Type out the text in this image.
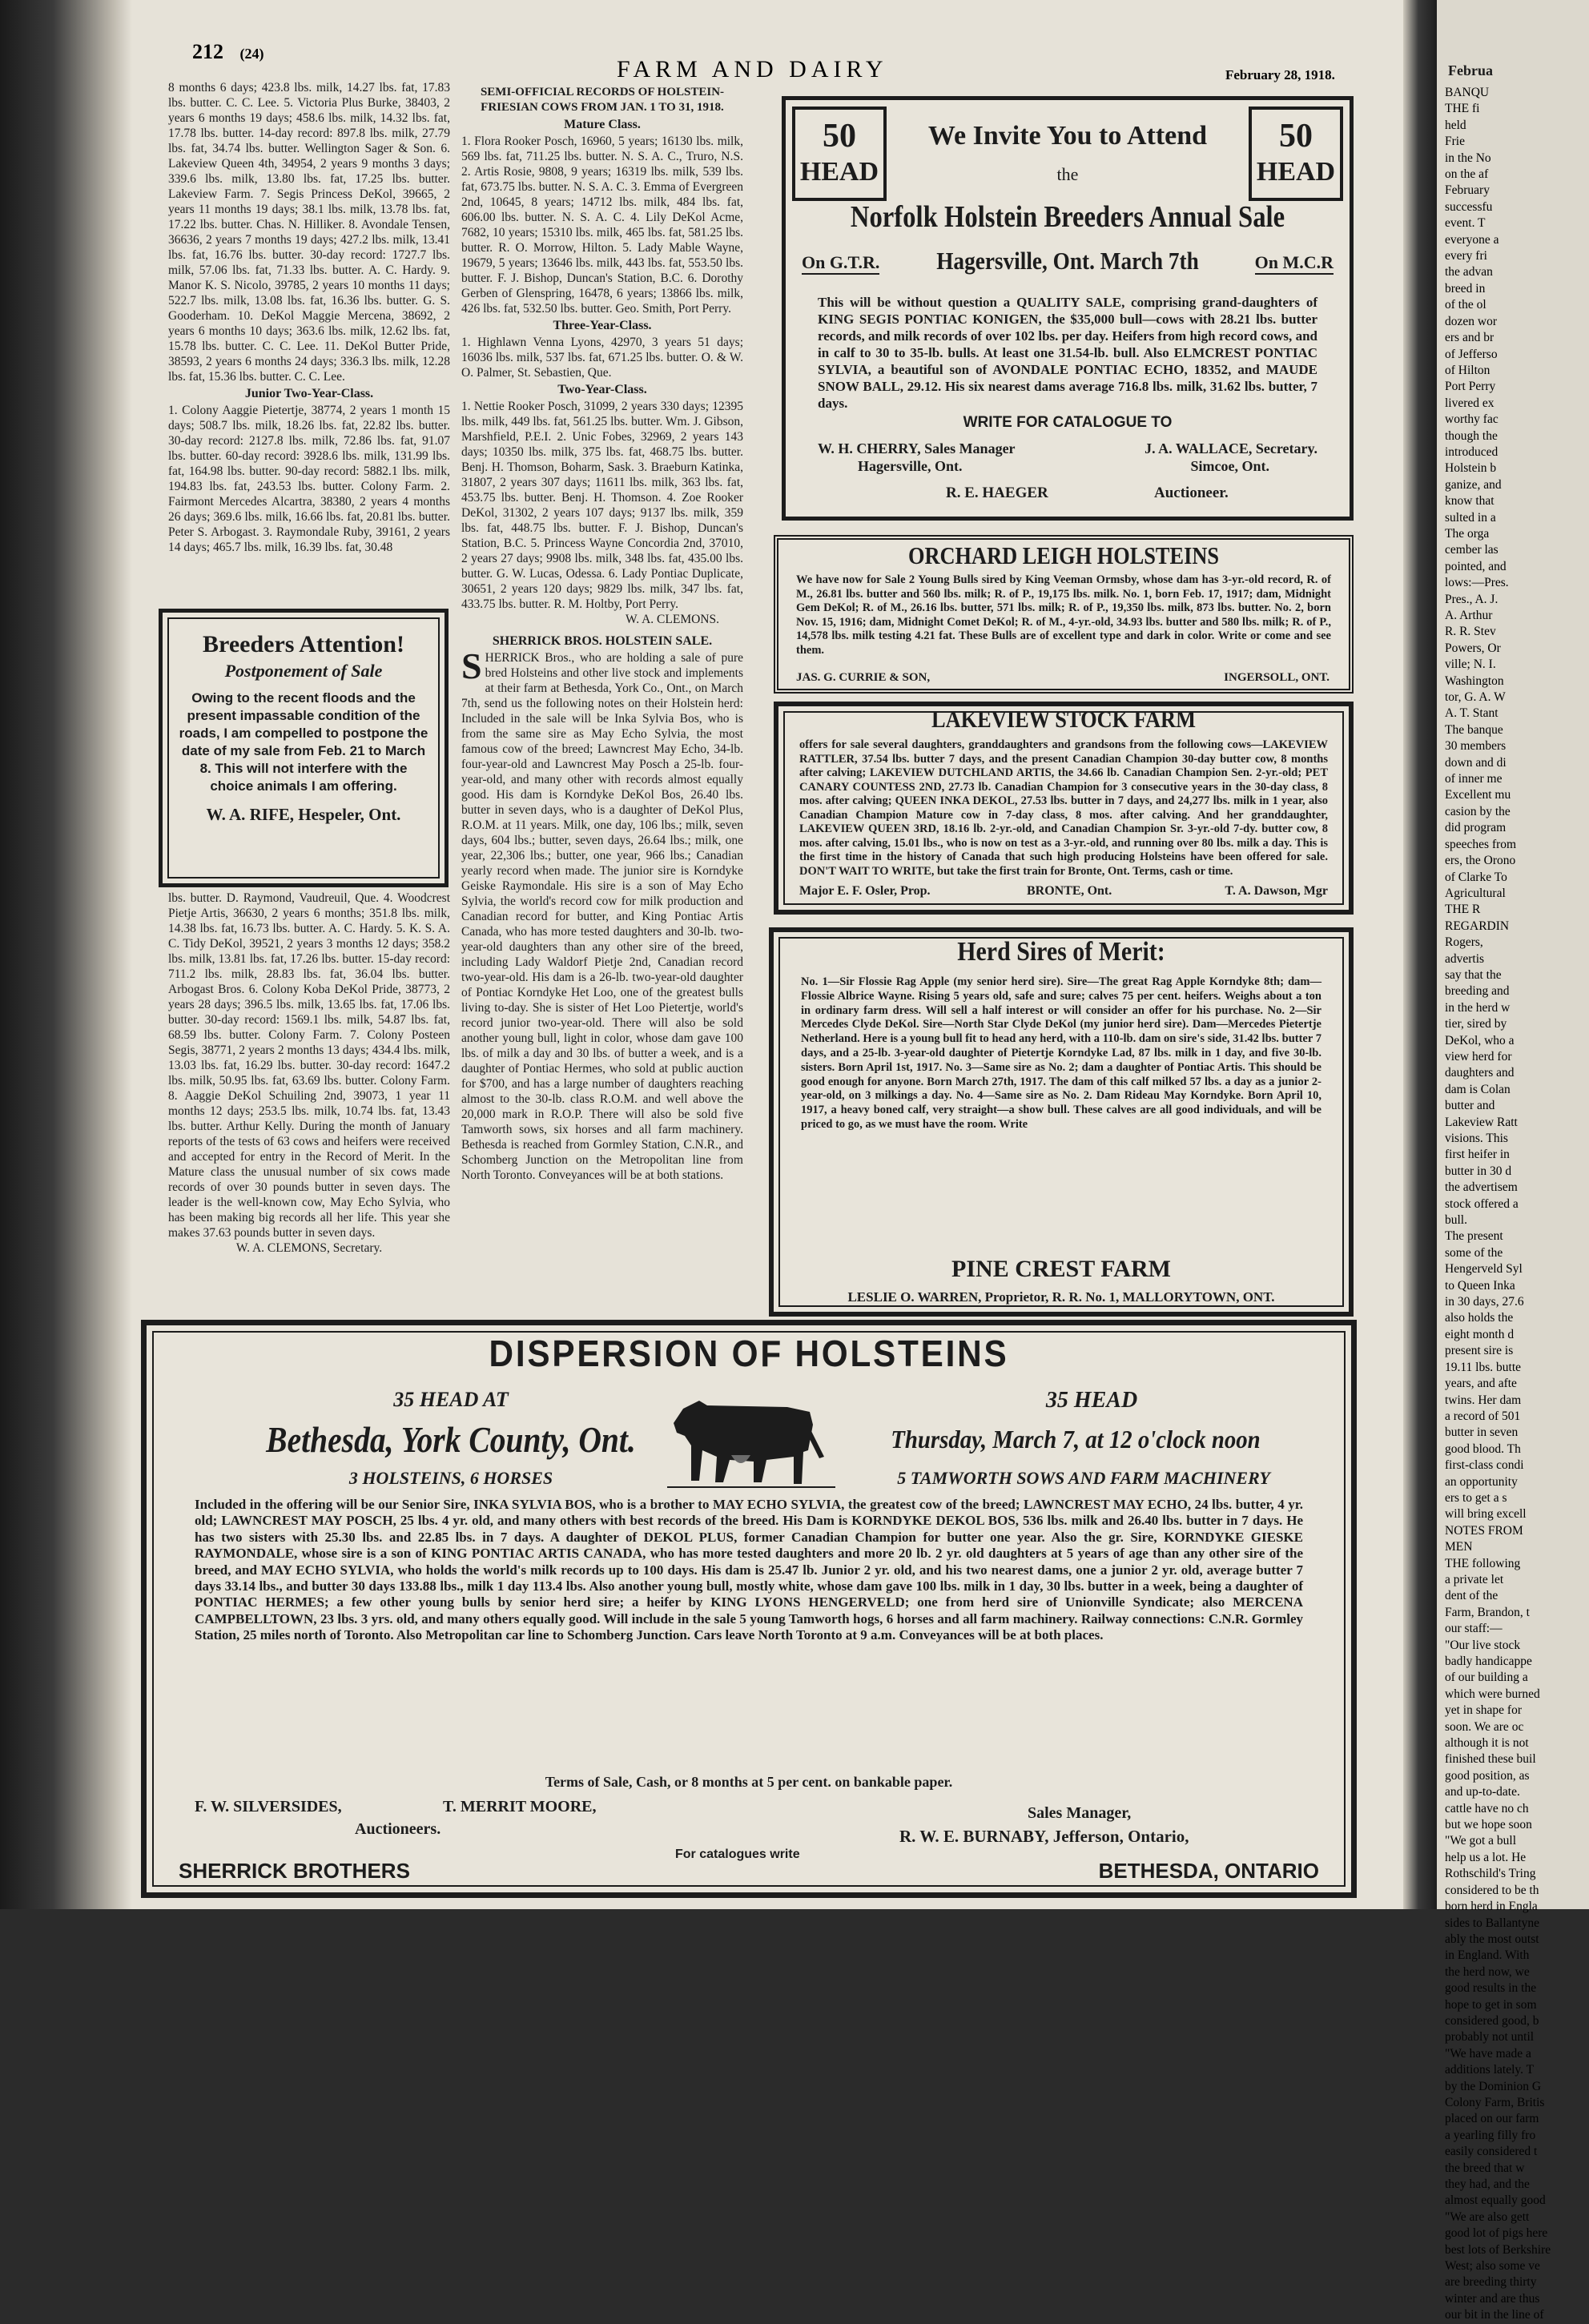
212 (24)
FARM AND DAIRY	February 28, 1918.

8 months 6 days; 423.8 lbs. milk, 14.27 lbs. fat, 17.83 lbs. butter. C. C. Lee. 5. Victoria Plus Burke, 38403, 2 years 6 months 19 days; 458.6 lbs. milk, 14.32 lbs. fat, 17.78 lbs. butter. 14-day record: 897.8 lbs. milk, 27.79 lbs. fat, 34.74 lbs. butter. Wellington Sager & Son. 6. Lakeview Queen 4th, 34954, 2 years 9 months 3 days; 339.6 lbs. milk, 13.80 lbs. fat, 17.25 lbs. butter. Lakeview Farm. 7. Segis Princess DeKol, 39665, 2 years 11 months 19 days; 38.1 lbs. milk, 13.78 lbs. fat, 17.22 lbs. butter. Chas. N. Hilliker. 8. Avondale Tensen, 36636, 2 years 7 months 19 days; 427.2 lbs. milk, 13.41 lbs. fat, 16.76 lbs. butter. 30-day record: 1727.7 lbs. milk, 57.06 lbs. fat, 71.33 lbs. butter. A. C. Hardy. 9. Manor K. S. Nicolo, 39785, 2 years 10 months 11 days; 522.7 lbs. milk, 13.08 lbs. fat, 16.36 lbs. butter. G. S. Gooderham. 10. DeKol Maggie Mercena, 38692, 2 years 6 months 10 days; 363.6 lbs. milk, 12.62 lbs. fat, 15.78 lbs. butter. C. C. Lee. 11. DeKol Butter Pride, 38593, 2 years 6 months 24 days; 336.3 lbs. milk, 12.28 lbs. fat, 15.36 lbs. butter. C. C. Lee.

Junior Two-Year-Class.

1. Colony Aaggie Pietertje, 38774, 2 years 1 month 15 days; 508.7 lbs. milk, 18.26 lbs. fat, 22.82 lbs. butter. 30-day record: 2127.8 lbs. milk, 72.86 lbs. fat, 91.07 lbs. butter. 60-day record: 3928.6 lbs. milk, 131.99 lbs. fat, 164.98 lbs. butter. 90-day record: 5882.1 lbs. milk, 194.83 lbs. fat, 243.53 lbs. butter. Colony Farm. 2. Fairmont Mercedes Alcartra, 38380, 2 years 4 months 26 days; 369.6 lbs. milk, 16.66 lbs. fat, 20.81 lbs. butter. Peter S. Arbogast. 3. Raymondale Ruby, 39161, 2 years 14 days; 465.7 lbs. milk, 16.39 lbs. fat, 30.48

Breeders Attention!
Postponement of Sale
Owing to the recent floods and the present impassable condition of the roads, I am compelled to postpone the date of my sale from Feb. 21 to March 8. This will not interfere with the choice animals I am offering.
W. A. RIFE, Hespeler, Ont.

lbs. butter. D. Raymond, Vaudreuil, Que. 4. Woodcrest Pietje Artis, 36630, 2 years 6 months; 351.8 lbs. milk, 14.38 lbs. fat, 16.73 lbs. butter. A. C. Hardy. 5. K. S. A. C. Tidy DeKol, 39521, 2 years 3 months 12 days; 358.2 lbs. milk, 13.81 lbs. fat, 17.26 lbs. butter. 15-day record: 711.2 lbs. milk, 28.83 lbs. fat, 36.04 lbs. butter. Arbogast Bros. 6. Colony Koba DeKol Pride, 38773, 2 years 28 days; 396.5 lbs. milk, 13.65 lbs. fat, 17.06 lbs. butter. 30-day record: 1569.1 lbs. milk, 54.87 lbs. fat, 68.59 lbs. butter. Colony Farm. 7. Colony Posteen Segis, 38771, 2 years 2 months 13 days; 434.4 lbs. milk, 13.03 lbs. fat, 16.29 lbs. butter. 30-day record: 1647.2 lbs. milk, 50.95 lbs. fat, 63.69 lbs. butter. Colony Farm. 8. Aaggie DeKol Schuiling 2nd, 39073, 1 year 11 months 12 days; 253.5 lbs. milk, 10.74 lbs. fat, 13.43 lbs. butter. Arthur Kelly. During the month of January reports of the tests of 63 cows and heifers were received and accepted for entry in the Record of Merit. In the Mature class the unusual number of six cows made records of over 30 pounds butter in seven days. The leader is the well-known cow, May Echo Sylvia, who has been making big records all her life. This year she makes 37.63 pounds butter in seven days.

W. A. CLEMONS, Secretary.

SEMI-OFFICIAL RECORDS OF HOLSTEIN-FRIESIAN COWS FROM JAN. 1 TO 31, 1918.

Mature Class.

1. Flora Rooker Posch, 16960, 5 years; 16130 lbs. milk, 569 lbs. fat, 711.25 lbs. butter. N. S. A. C., Truro, N.S. 2. Artis Rosie, 9808, 9 years; 16319 lbs. milk, 539 lbs. fat, 673.75 lbs. butter. N. S. A. C. 3. Emma of Evergreen 2nd, 10645, 8 years; 14712 lbs. milk, 484 lbs. fat, 606.00 lbs. butter. N. S. A. C. 4. Lily DeKol Acme, 7682, 10 years; 15310 lbs. milk, 465 lbs. fat, 581.25 lbs. butter. R. O. Morrow, Hilton. 5. Lady Mable Wayne, 19679, 5 years; 13646 lbs. milk, 443 lbs. fat, 553.50 lbs. butter. F. J. Bishop, Duncan's Station, B.C. 6. Dorothy Gerben of Glenspring, 16478, 6 years; 13866 lbs. milk, 426 lbs. fat, 532.50 lbs. butter. Geo. Smith, Port Perry.

Three-Year-Class.

1. Highlawn Venna Lyons, 42970, 3 years 51 days; 16036 lbs. milk, 537 lbs. fat, 671.25 lbs. butter. O. & W. O. Palmer, St. Sebastien, Que.

Two-Year-Class.

1. Nettie Rooker Posch, 31099, 2 years 330 days; 12395 lbs. milk, 449 lbs. fat, 561.25 lbs. butter. Wm. J. Gibson, Marshfield, P.E.I. 2. Unic Fobes, 32969, 2 years 143 days; 10350 lbs. milk, 375 lbs. fat, 468.75 lbs. butter. Benj. H. Thomson, Boharm, Sask. 3. Braeburn Katinka, 31807, 2 years 307 days; 11611 lbs. milk, 363 lbs. fat, 453.75 lbs. butter. Benj. H. Thomson. 4. Zoe Rooker DeKol, 31302, 2 years 107 days; 9137 lbs. milk, 359 lbs. fat, 448.75 lbs. butter. F. J. Bishop, Duncan's Station, B.C. 5. Princess Wayne Concordia 2nd, 37010, 2 years 27 days; 9908 lbs. milk, 348 lbs. fat, 435.00 lbs. butter. G. W. Lucas, Odessa. 6. Lady Pontiac Duplicate, 30651, 2 years 120 days; 9829 lbs. milk, 347 lbs. fat, 433.75 lbs. butter. R. M. Holtby, Port Perry.

W. A. CLEMONS.

SHERRICK BROS. HOLSTEIN SALE.

SHERRICK Bros., who are holding a sale of pure bred Holsteins and other live stock and implements at their farm at Bethesda, York Co., Ont., on March 7th, send us the following notes on their Holstein herd: Included in the sale will be Inka Sylvia Bos, who is from the same sire as May Echo Sylvia, the most famous cow of the breed; Lawncrest May Echo, 34-lb. four-year-old and Lawncrest May Posch a 25-lb. four-year-old, and many other with records almost equally good. His dam is Korndyke DeKol Bos, 26.40 lbs. butter in seven days, who is a daughter of DeKol Plus, R.O.M. at 11 years. Milk, one day, 106 lbs.; milk, seven days, 604 lbs.; butter, seven days, 26.64 lbs.; milk, one year, 22,306 lbs.; butter, one year, 966 lbs.; Canadian yearly record when made. The junior sire is Korndyke Geiske Raymondale. His sire is a son of May Echo Sylvia, the world's record cow for milk production and Canadian record for butter, and King Pontiac Artis Canada, who has more tested daughters and 30-lb. two-year-old daughters than any other sire of the breed, including Lady Waldorf Pietje 2nd, Canadian record two-year-old. His dam is a 26-lb. two-year-old daughter of Pontiac Korndyke Het Loo, one of the greatest bulls living to-day. She is sister of Het Loo Pietertje, world's record junior two-year-old. There will also be sold another young bull, light in color, whose dam gave 100 lbs. of milk a day and 30 lbs. of butter a week, and is a daughter of Pontiac Hermes, who sold at public auction for $700, and has a large number of daughters reaching almost to the 30-lb. class R.O.M. and well above the 20,000 mark in R.O.P. There will also be sold five Tamworth sows, six horses and all farm machinery. Bethesda is reached from Gormley Station, C.N.R., and Schomberg Junction on the Metropolitan line from North Toronto. Conveyances will be at both stations.

50
HEAD
50
HEAD
We Invite You to Attend
the
Norfolk Holstein Breeders Annual Sale
On G.T.R.	Hagersville, Ont. March 7th	On M.C.R
This will be without question a QUALITY SALE, comprising grand-daughters of KING SEGIS PONTIAC KONIGEN, the $35,000 bull—cows with 28.21 lbs. butter records, and milk records of over 102 lbs. per day. Heifers from high record cows, and in calf to 30 to 35-lb. bulls. At least one 31.54-lb. bull. Also ELMCREST PONTIAC SYLVIA, a beautiful son of AVONDALE PONTIAC ECHO, 18352, and MAUDE SNOW BALL, 29.12. His six nearest dams average 716.8 lbs. milk, 31.62 lbs. butter, 7 days.
WRITE FOR CATALOGUE TO
W. H. CHERRY, Sales Manager
Hagersville, Ont.
J. A. WALLACE, Secretary.
Simcoe, Ont.
R. E. HAEGER	Auctioneer.
ORCHARD LEIGH HOLSTEINS
We have now for Sale 2 Young Bulls sired by King Veeman Ormsby, whose dam has 3-yr.-old record, R. of M., 26.81 lbs. butter and 560 lbs. milk; R. of P., 19,175 lbs. milk. No. 1, born Feb. 17, 1917; dam, Midnight Gem DeKol; R. of M., 26.16 lbs. butter, 571 lbs. milk; R. of P., 19,350 lbs. milk, 873 lbs. butter. No. 2, born Nov. 15, 1916; dam, Midnight Comet DeKol; R. of M., 4-yr.-old, 34.93 lbs. butter and 580 lbs. milk; R. of P., 14,578 lbs. milk testing 4.21 fat. These Bulls are of excellent type and dark in color. Write or come and see them.
JAS. G. CURRIE & SON,	INGERSOLL, ONT.
LAKEVIEW STOCK FARM
offers for sale several daughters, granddaughters and grandsons from the following cows—LAKEVIEW RATTLER, 37.54 lbs. butter 7 days, and the present Canadian Champion 30-day butter cow, 8 months after calving; LAKEVIEW DUTCHLAND ARTIS, the 34.66 lb. Canadian Champion Sen. 2-yr.-old; PET CANARY COUNTESS 2ND, 27.73 lb. Canadian Champion for 3 consecutive years in the 30-day class, 8 mos. after calving; QUEEN INKA DEKOL, 27.53 lbs. butter in 7 days, and 24,277 lbs. milk in 1 year, also Canadian Champion Mature cow in 7-day class, 8 mos. after calving. And her granddaughter, LAKEVIEW QUEEN 3RD, 18.16 lb. 2-yr.-old, and Canadian Champion Sr. 3-yr.-old 7-dy. butter cow, 8 mos. after calving, 15.01 lbs., who is now on test as a 3-yr.-old, and running over 80 lbs. milk a day. This is the first time in the history of Canada that such high producing Holsteins have been offered for sale. DON'T WAIT TO WRITE, but take the first train for Bronte, Ont. Terms, cash or time.
Major E. F. Osler, Prop.	BRONTE, Ont.	T. A. Dawson, Mgr
Herd Sires of Merit:
No. 1—Sir Flossie Rag Apple (my senior herd sire). Sire—The great Rag Apple Korndyke 8th; dam—Flossie Albrice Wayne. Rising 5 years old, safe and sure; calves 75 per cent. heifers. Weighs about a ton in ordinary farm dress. Will sell a half interest or will consider an offer for his purchase. No. 2—Sir Mercedes Clyde DeKol. Sire—North Star Clyde DeKol (my junior herd sire). Dam—Mercedes Pietertje Netherland. Here is a young bull fit to head any herd, with a 110-lb. dam on sire's side, 31.42 lbs. butter 7 days, and a 25-lb. 3-year-old daughter of Pietertje Korndyke Lad, 87 lbs. milk in 1 day, and five 30-lb. sisters. Born April 1st, 1917. No. 3—Same sire as No. 2; dam a daughter of Pontiac Artis. This should be good enough for anyone. Born March 27th, 1917. The dam of this calf milked 57 lbs. a day as a junior 2-year-old, on 3 milkings a day. No. 4—Same sire as No. 2. Dam Rideau May Korndyke. Born April 10, 1917, a heavy boned calf, very straight—a show bull. These calves are all good individuals, and will be priced to go, as we must have the room. Write
PINE CREST FARM
LESLIE O. WARREN, Proprietor, R. R. No. 1, MALLORYTOWN, ONT.
DISPERSION OF HOLSTEINS
35 HEAD AT
Bethesda, York County, Ont.
3 HOLSTEINS, 6 HORSES
35 HEAD
Thursday, March 7, at 12 o'clock noon
5 TAMWORTH SOWS AND FARM MACHINERY
Included in the offering will be our Senior Sire, INKA SYLVIA BOS, who is a brother to MAY ECHO SYLVIA, the greatest cow of the breed; LAWNCREST MAY ECHO, 24 lbs. butter, 4 yr. old; LAWNCREST MAY POSCH, 25 lbs. 4 yr. old, and many others with best records of the breed. His Dam is KORNDYKE DEKOL BOS, 536 lbs. milk and 26.40 lbs. butter in 7 days. He has two sisters with 25.30 lbs. and 22.85 lbs. in 7 days. A daughter of DEKOL PLUS, former Canadian Champion for butter one year. Also the gr. Sire, KORNDYKE GIESKE RAYMONDALE, whose sire is a son of KING PONTIAC ARTIS CANADA, who has more tested daughters and more 20 lb. 2 yr. old daughters at 5 years of age than any other sire of the breed, and MAY ECHO SYLVIA, who holds the world's milk records up to 100 days. His dam is 25.47 lb. Junior 2 yr. old, and his two nearest dams, one a junior 2 yr. old, average butter 7 days 33.14 lbs., and butter 30 days 133.88 lbs., milk 1 day 113.4 lbs. Also another young bull, mostly white, whose dam gave 100 lbs. milk in 1 day, 30 lbs. butter in a week, being a daughter of PONTIAC HERMES; a few other young bulls by senior herd sire; a heifer by KING LYONS HENGERVELD; one from herd sire of Unionville Syndicate; also MERCENA CAMPBELLTOWN, 23 lbs. 3 yrs. old, and many others equally good. Will include in the sale 5 young Tamworth hogs, 6 horses and all farm machinery. Railway connections: C.N.R. Gormley Station, 25 miles north of Toronto. Also Metropolitan car line to Schomberg Junction. Cars leave North Toronto at 9 a.m. Conveyances will be at both places.
Terms of Sale, Cash, or 8 months at 5 per cent. on bankable paper.
F. W. SILVERSIDES,	T. MERRIT MOORE,
Auctioneers.
Sales Manager,
R. W. E. BURNABY, Jefferson, Ontario,
For catalogues write
SHERRICK BROTHERS	BETHESDA, ONTARIO
Februa
BANQU
THE fi
held
Frie
in the No
on the af
February
successfu
event. T
everyone a
every fri
the advan
breed in
of the ol
dozen wor
ers and br
of Jefferso
of Hilton
Port Perry
livered ex
worthy fac
though the
introduced
Holstein b
ganize, and
know that
sulted in a
The orga
cember las
pointed, and
lows:—Pres.
Pres., A. J.
A. Arthur
R. R. Stev
Powers, Or
ville; N. I.
Washington
tor, G. A. W
A. T. Stant
The banque
30 members
down and di
of inner me
Excellent mu
casion by the
did program
speeches from
ers, the Orono
of Clarke To
Agricultural
THE R
REGARDIN
Rogers,
advertis
say that the
breeding and
in the herd w
tier, sired by
DeKol, who a
view herd for
daughters and
dam is Colan
butter and
Lakeview Ratt
visions. This
first heifer in
butter in 30 d
the advertisem
stock offered a
bull.
The present
some of the
Hengerveld Syl
to Queen Inka
in 30 days, 27.6
also holds the
eight month d
present sire is
19.11 lbs. butte
years, and afte
twins. Her dam
a record of 501
butter in seven
good blood. Th
first-class condi
an opportunity
ers to get a s
will bring excell
NOTES FROM
MEN
THE following
a private let
dent of the
Farm, Brandon, t
our staff:—
"Our live stock
badly handicappe
of our building a
which were burned
yet in shape for
soon. We are oc
although it is not
finished these buil
good position, as
and up-to-date.
cattle have no ch
but we hope soon
"We got a bull
help us a lot. He
Rothschild's Tring
considered to be th
born herd in Engla
sides to Ballantyne
ably the most outst
in England. With
the herd now, we
good results in the
hope to get in som
considered good, b
probably not until
"We have made a
additions lately. T
by the Dominion G
Colony Farm, Britis
placed on our farm
a yearling filly fro
easily considered t
the breed that w
they had, and the
almost equally good
"We are also gett
good lot of pigs here
best lots of Berkshire
West; also some ve
are breeding thirty
winter and are thus
our bit in the line of
